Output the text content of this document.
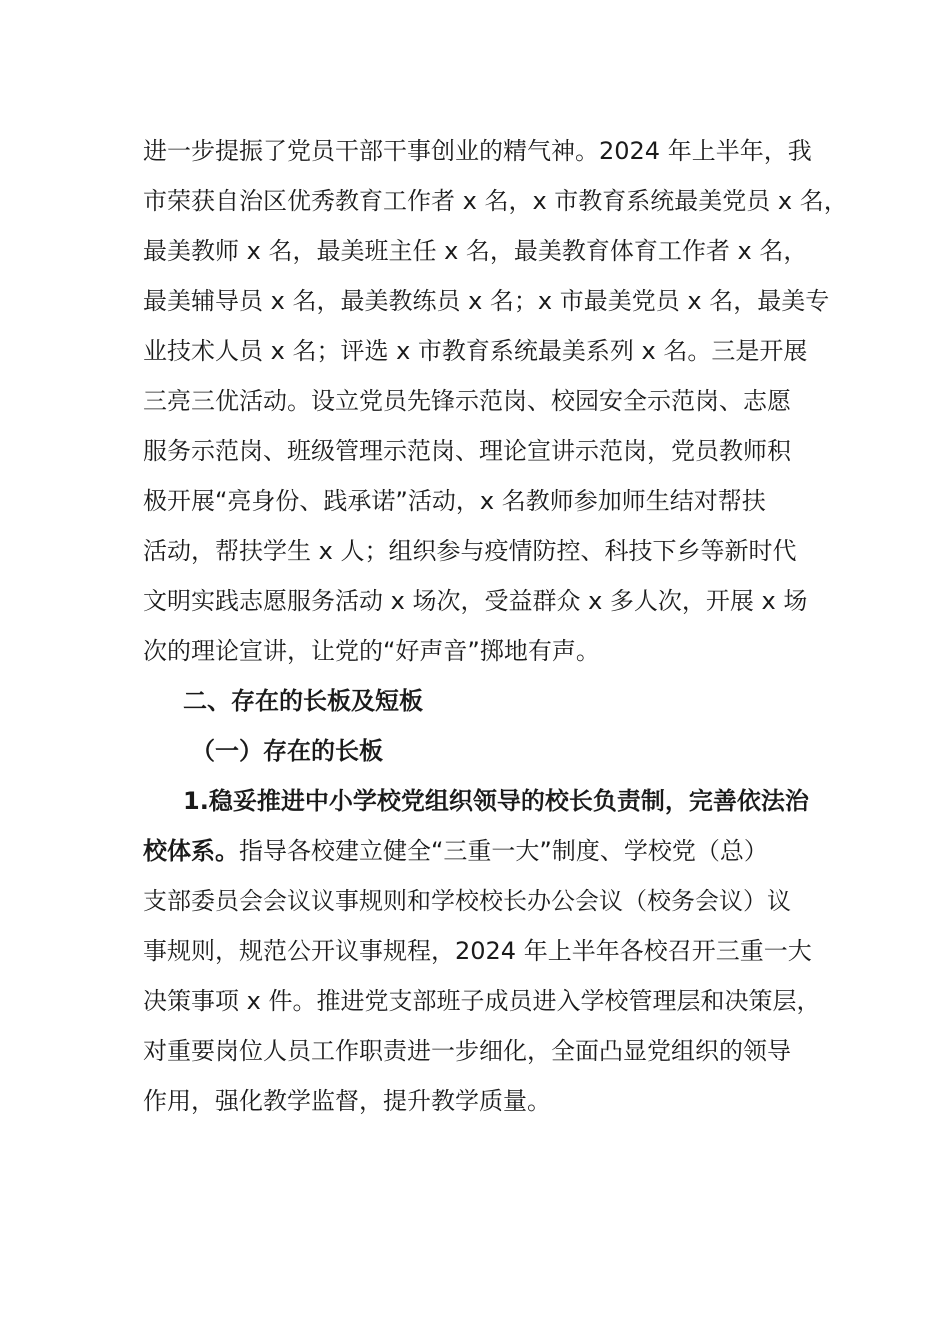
进一步提振了党员干部干事创业的精气神。2024 年上半年，我
市荣获自治区优秀教育工作者 x 名，x 市教育系统最美党员 x 名，
最美教师 x 名，最美班主任 x 名，最美教育体育工作者 x 名，
最美辅导员 x 名，最美教练员 x 名；x 市最美党员 x 名，最美专
业技术人员 x 名；评选 x 市教育系统最美系列 x 名。三是开展
三亮三优活动。设立党员先锋示范岗、校园安全示范岗、志愿
服务示范岗、班级管理示范岗、理论宣讲示范岗，党员教师积
极开展“亮身份、践承诺”活动，x 名教师参加师生结对帮扶
活动，帮扶学生 x 人；组织参与疫情防控、科技下乡等新时代
文明实践志愿服务活动 x 场次，受益群众 x 多人次，开展 x 场
次的理论宣讲，让党的“好声音”掷地有声。
二、存在的长板及短板
（一）存在的长板
1.稳妥推进中小学校党组织领导的校长负责制，完善依法治
校体系。指导各校建立健全“三重一大”制度、学校党（总）
支部委员会会议议事规则和学校校长办公会议（校务会议）议
事规则，规范公开议事规程，2024 年上半年各校召开三重一大
决策事项 x 件。推进党支部班子成员进入学校管理层和决策层，
对重要岗位人员工作职责进一步细化，全面凸显党组织的领导
作用，强化教学监督，提升教学质量。
